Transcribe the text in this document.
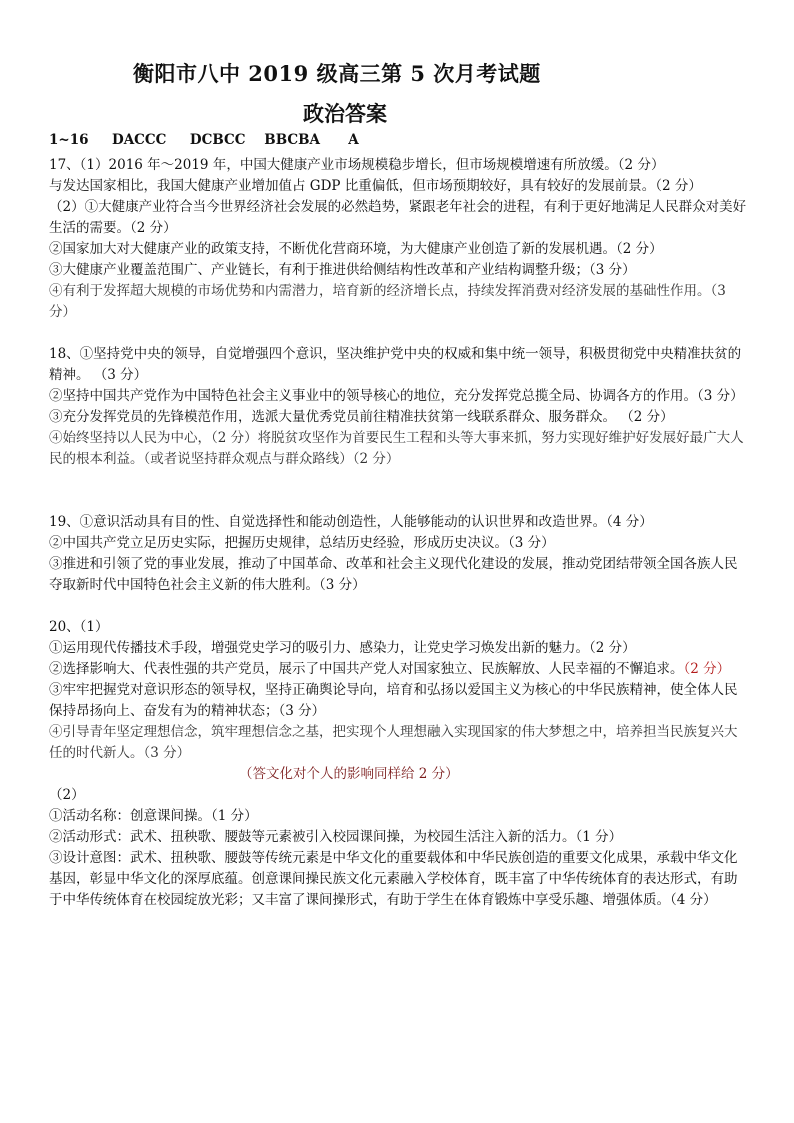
衡阳市八中 2019 级高三第 5 次月考试题
政治答案
1~16     DACCC     DCBCC    BBCBA      A
17、（1）2016 年～2019 年，中国大健康产业市场规模稳步增长，但市场规模增速有所放缓。（2 分）
与发达国家相比，我国大健康产业增加值占 GDP 比重偏低，但市场预期较好，具有较好的发展前景。（2 分）
（2）①大健康产业符合当今世界经济社会发展的必然趋势，紧跟老年社会的进程，有利于更好地满足人民群众对美好生活的需要。（2 分）
②国家加大对大健康产业的政策支持，不断优化营商环境，为大健康产业创造了新的发展机遇。（2 分）
③大健康产业覆盖范围广、产业链长，有利于推进供给侧结构性改革和产业结构调整升级；（3 分）
④有利于发挥超大规模的市场优势和内需潜力，培育新的经济增长点，持续发挥消费对经济发展的基础性作用。（3 分）
18、①坚持党中央的领导，自觉增强四个意识，坚决维护党中央的权威和集中统一领导，积极贯彻党中央精准扶贫的精神。 （3 分）
②坚持中国共产党作为中国特色社会主义事业中的领导核心的地位，充分发挥党总揽全局、协调各方的作用。（3 分）
③充分发挥党员的先锋模范作用，选派大量优秀党员前往精准扶贫第一线联系群众、服务群众。 （2 分）
④始终坚持以人民为中心，（2 分）将脱贫攻坚作为首要民生工程和头等大事来抓，努力实现好维护好发展好最广大人民的根本利益。（或者说坚持群众观点与群众路线）（2 分）
19、①意识活动具有目的性、自觉选择性和能动创造性，人能够能动的认识世界和改造世界。（4 分）
②中国共产党立足历史实际，把握历史规律，总结历史经验，形成历史决议。（3 分）
③推进和引领了党的事业发展，推动了中国革命、改革和社会主义现代化建设的发展，推动党团结带领全国各族人民夺取新时代中国特色社会主义新的伟大胜利。（3 分）
20、（1）
①运用现代传播技术手段，增强党史学习的吸引力、感染力，让党史学习焕发出新的魅力。（2 分）
②选择影响大、代表性强的共产党员，展示了中国共产党人对国家独立、民族解放、人民幸福的不懈追求。（2 分）
③牢牢把握党对意识形态的领导权，坚持正确舆论导向，培育和弘扬以爱国主义为核心的中华民族精神，使全体人民保持昂扬向上、奋发有为的精神状态；（3 分）
④引导青年坚定理想信念，筑牢理想信念之基，把实现个人理想融入实现国家的伟大梦想之中，培养担当民族复兴大任的时代新人。（3 分）
（答文化对个人的影响同样给 2 分）
（2）
①活动名称：创意课间操。（1 分）
②活动形式：武术、扭秧歌、腰鼓等元素被引入校园课间操，为校园生活注入新的活力。（1 分）
③设计意图：武术、扭秧歌、腰鼓等传统元素是中华文化的重要载体和中华民族创造的重要文化成果，承载中华文化基因，彰显中华文化的深厚底蕴。创意课间操民族文化元素融入学校体育，既丰富了中华传统体育的表达形式，有助于中华传统体育在校园绽放光彩；又丰富了课间操形式，有助于学生在体育锻炼中享受乐趣、增强体质。（4 分）
